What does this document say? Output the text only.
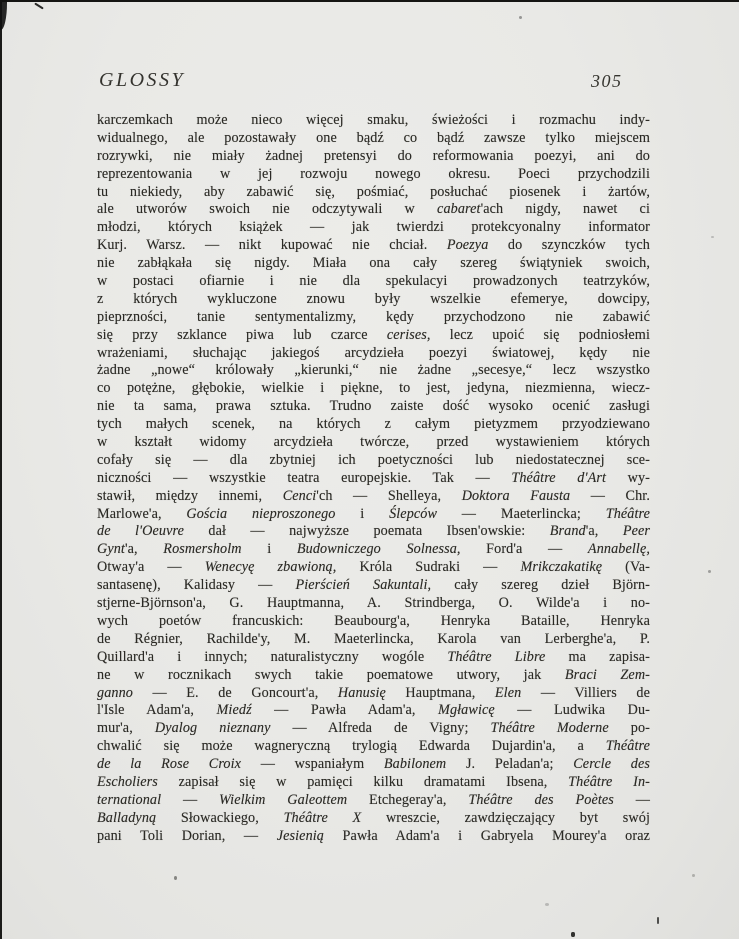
GLOSSY	305
karczemkach może nieco więcej smaku, świeżości i rozmachu indy-
widualnego, ale pozostawały one bądź co bądź zawsze tylko miejscem
rozrywki, nie miały żadnej pretensyi do reformowania poezyi, ani do
reprezentowania w jej rozwoju nowego okresu. Poeci przychodzili
tu niekiedy, aby zabawić się, pośmiać, posłuchać piosenek i żartów,
ale utworów swoich nie odczytywali w cabaret'ach nigdy, nawet ci
młodzi, których książek — jak twierdzi protekcyonalny informator
Kurj. Warsz. — nikt kupować nie chciał. Poezya do szynczków tych
nie zabłąkała się nigdy. Miała ona cały szereg świątyniek swoich,
w postaci ofiarnie i nie dla spekulacyi prowadzonych teatrzyków,
z których wykluczone znowu były wszelkie efemerye, dowcipy,
pieprzności, tanie sentymentalizmy, kędy przychodzono nie zabawić
się przy szklance piwa lub czarce cerises, lecz upoić się podniosłemi
wrażeniami, słuchając jakiegoś arcydzieła poezyi światowej, kędy nie
żadne „nowe“ królowały „kierunki,“ nie żadne „secesye,“ lecz wszystko
co potężne, głębokie, wielkie i piękne, to jest, jedyna, niezmienna, wiecz-
nie ta sama, prawa sztuka. Trudno zaiste dość wysoko ocenić zasługi
tych małych scenek, na których z całym pietyzmem przyodziewano
w kształt widomy arcydzieła twórcze, przed wystawieniem których
cofały się — dla zbytniej ich poetyczności lub niedostatecznej sce-
niczności — wszystkie teatra europejskie. Tak — Théâtre d'Art wy-
stawił, między innemi, Cenci'ch — Shelleya, Doktora Fausta — Chr.
Marlowe'a, Gościa nieproszonego i Ślepców — Maeterlincka; Théâtre
de l'Oeuvre dał — najwyższe poemata Ibsen'owskie: Brand'a, Peer
Gynt'a, Rosmersholm i Budowniczego Solnessa, Ford'a — Annabellę,
Otway'a — Wenecyę zbawioną, Króla Sudraki — Mrikczakatikę (Va-
santasenę), Kalidasy — Pierścień Sakuntali, cały szereg dzieł Björn-
stjerne-Björnson'a, G. Hauptmanna, A. Strindberga, O. Wilde'a i no-
wych poetów francuskich: Beaubourg'a, Henryka Bataille, Henryka
de Régnier, Rachilde'y, M. Maeterlincka, Karola van Lerberghe'a, P.
Quillard'a i innych; naturalistyczny wogóle Théâtre Libre ma zapisa-
ne w rocznikach swych takie poematowe utwory, jak Braci Zem-
ganno — E. de Goncourt'a, Hanusię Hauptmana, Elen — Villiers de
l'Isle Adam'a, Miedź — Pawła Adam'a, Mgławicę — Ludwika Du-
mur'a, Dyalog nieznany — Alfreda de Vigny; Théâtre Moderne po-
chwalić się może wagneryczną trylogią Edwarda Dujardin'a, a Théâtre
de la Rose Croix — wspaniałym Babilonem J. Peladan'a; Cercle des
Escholiers zapisał się w pamięci kilku dramatami Ibsena, Théâtre In-
ternational — Wielkim Galeottem Etchegeray'a, Théâtre des Poètes —
Balladyną Słowackiego, Théâtre X wreszcie, zawdzięczający byt swój
pani Toli Dorian, — Jesienią Pawła Adam'a i Gabryela Mourey'a oraz
